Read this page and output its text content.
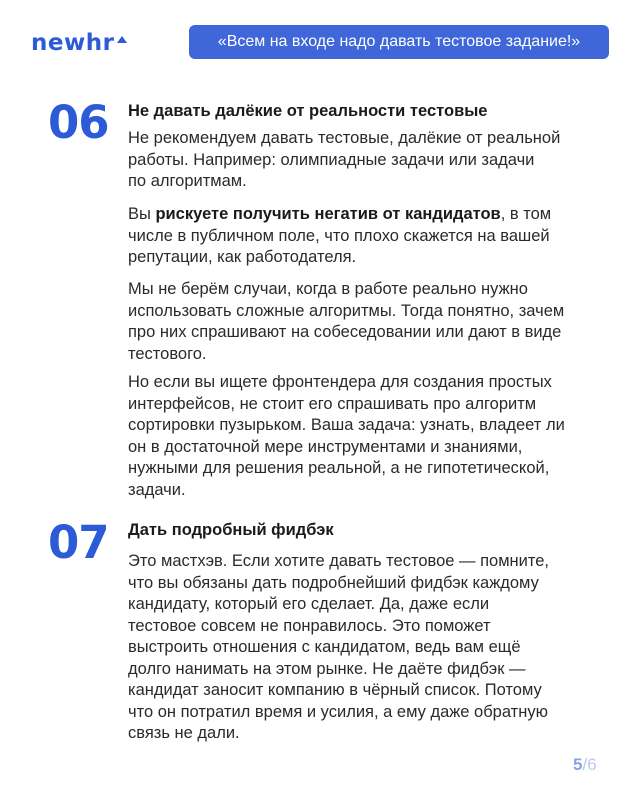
newhr	«Всем на входе надо давать тестовое задание!»
06 Не давать далёкие от реальности тестовые
Не рекомендуем давать тестовые, далёкие от реальной
работы. Например: олимпиадные задачи или задачи
по алгоритмам.
Вы рискуете получить негатив от кандидатов, в том
числе в публичном поле, что плохо скажется на вашей
репутации, как работодателя.
Мы не берём случаи, когда в работе реально нужно
использовать сложные алгоритмы. Тогда понятно, зачем
про них спрашивают на собеседовании или дают в виде
тестового.
Но если вы ищете фронтендера для создания простых
интерфейсов, не стоит его спрашивать про алгоритм
сортировки пузырьком. Ваша задача: узнать, владеет ли
он в достаточной мере инструментами и знаниями,
нужными для решения реальной, а не гипотетической,
задачи.
07 Дать подробный фидбэк
Это мастхэв. Если хотите давать тестовое — помните,
что вы обязаны дать подробнейший фидбэк каждому
кандидату, который его сделает. Да, даже если
тестовое совсем не понравилось. Это поможет
выстроить отношения с кандидатом, ведь вам ещё
долго нанимать на этом рынке. Не даёте фидбэк —
кандидат заносит компанию в чёрный список. Потому
что он потратил время и усилия, а ему даже обратную
связь не дали.
5/6
